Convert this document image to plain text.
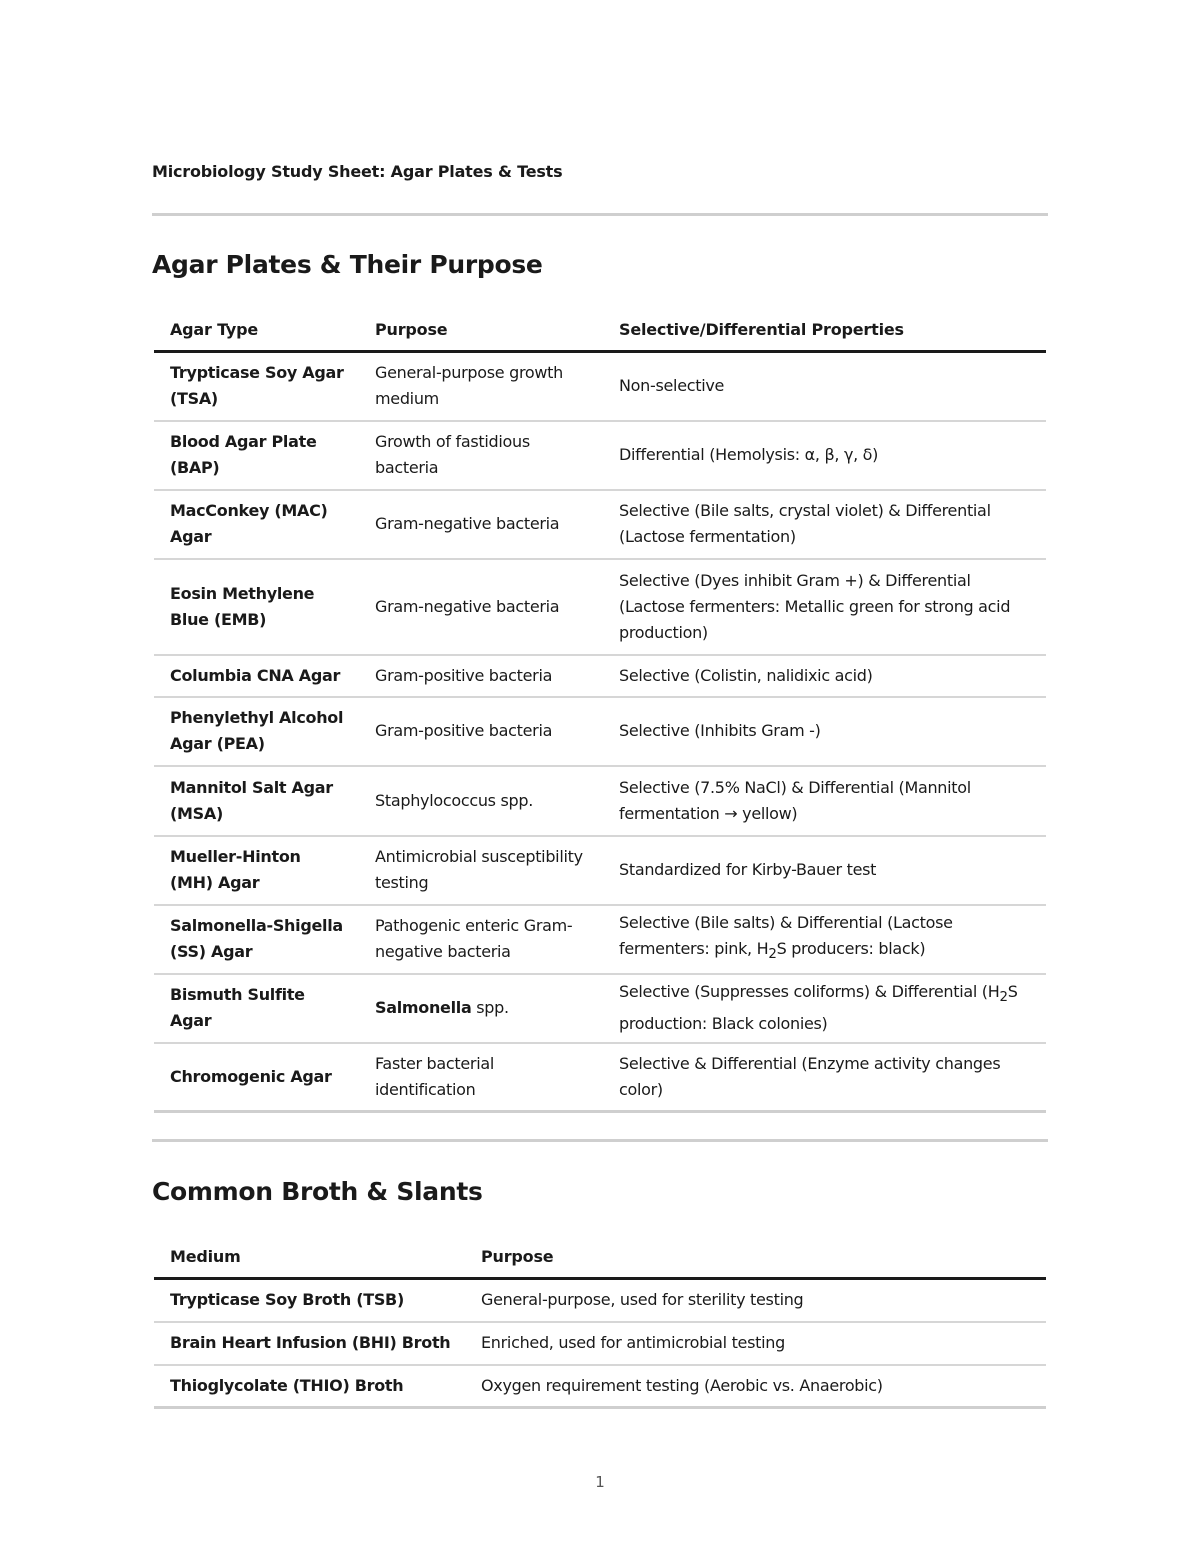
Microbiology Study Sheet: Agar Plates & Tests
Agar Plates & Their Purpose
Agar Type	Purpose	Selective/Differential Properties
Trypticase Soy Agar (TSA)	General-purpose growth medium	Non-selective
Blood Agar Plate (BAP)	Growth of fastidious bacteria	Differential (Hemolysis: α, β, γ, δ)
MacConkey (MAC) Agar	Gram-negative bacteria	Selective (Bile salts, crystal violet) & Differential (Lactose fermentation)
Eosin Methylene Blue (EMB)	Gram-negative bacteria	Selective (Dyes inhibit Gram +) & Differential (Lactose fermenters: Metallic green for strong acid production)
Columbia CNA Agar	Gram-positive bacteria	Selective (Colistin, nalidixic acid)
Phenylethyl Alcohol Agar (PEA)	Gram-positive bacteria	Selective (Inhibits Gram -)
Mannitol Salt Agar (MSA)	Staphylococcus spp.	Selective (7.5% NaCl) & Differential (Mannitol fermentation → yellow)
Mueller-Hinton (MH) Agar	Antimicrobial susceptibility testing	Standardized for Kirby-Bauer test
Salmonella-Shigella (SS) Agar	Pathogenic enteric Gram-negative bacteria	Selective (Bile salts) & Differential (Lactose fermenters: pink, $H_2S$ producers: black)
Bismuth Sulfite Agar	Salmonella spp.	Selective (Suppresses coliforms) & Differential ($H_2S$ production: Black colonies)
Chromogenic Agar	Faster bacterial identification	Selective & Differential (Enzyme activity changes color)
Common Broth & Slants
Medium	Purpose
Trypticase Soy Broth (TSB)	General-purpose, used for sterility testing
Brain Heart Infusion (BHI) Broth	Enriched, used for antimicrobial testing
Thioglycolate (THIO) Broth	Oxygen requirement testing (Aerobic vs. Anaerobic)
1
